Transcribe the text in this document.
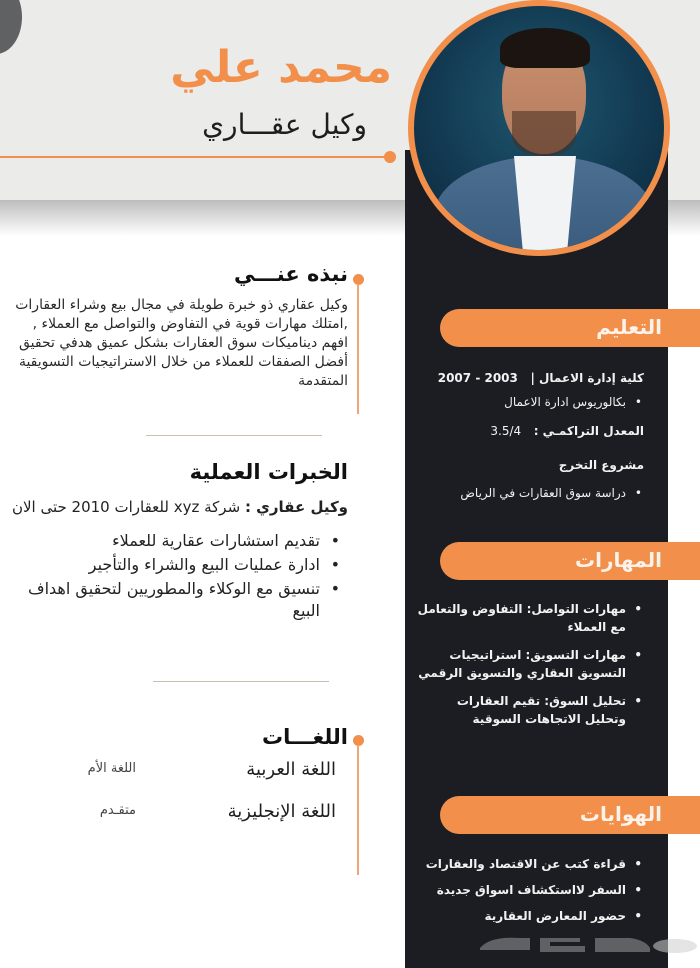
محمد علي
وكيل عقـــاري
نبذه عنـــي
وكيل عقاري ذو خبرة طويلة في مجال بيع وشراء العقارات ,امتلك مهارات قوية في التفاوض والتواصل مع العملاء , افهم ديناميكات سوق العقارات بشكل عميق هدفي تحقيق أفضل الصفقات للعملاء من خلال الاستراتيجيات التسويقية المتقدمة
الخبرات العملية
وكيل عقاري : شركة xyz للعقارات 2010 حتى الان
• تقديم استشارات عقارية للعملاء
• ادارة عمليات البيع والشراء والتأجير
• تنسيق مع الوكلاء والمطوريين لتحقيق اهداف البيع
اللغـــات
اللغة العربية
اللغة الأم
اللغة الإنجليزية
متقـدم
التعليم
كلية إدارة الاعمال |   2003 - 2007
• بكالوريوس ادارة الاعمال
المعدل التراكمـي :   3.5/4
مشروع التخرج
• دراسة سوق العقارات في الرياض
المهارات
• مهارات التواصل: التفاوض والتعامل مع العملاء
• مهارات التسويق: استراتيجيات التسويق العقاري والتسويق الرقمي
• تحليل السوق: تقيم العقارات وتحليل الاتجاهات السوقية
الهوايات
• قراءة كتب عن الاقتصاد والعقارات
• السفر لااستكشاف اسواق جديدة
• حضور المعارض العقارية
